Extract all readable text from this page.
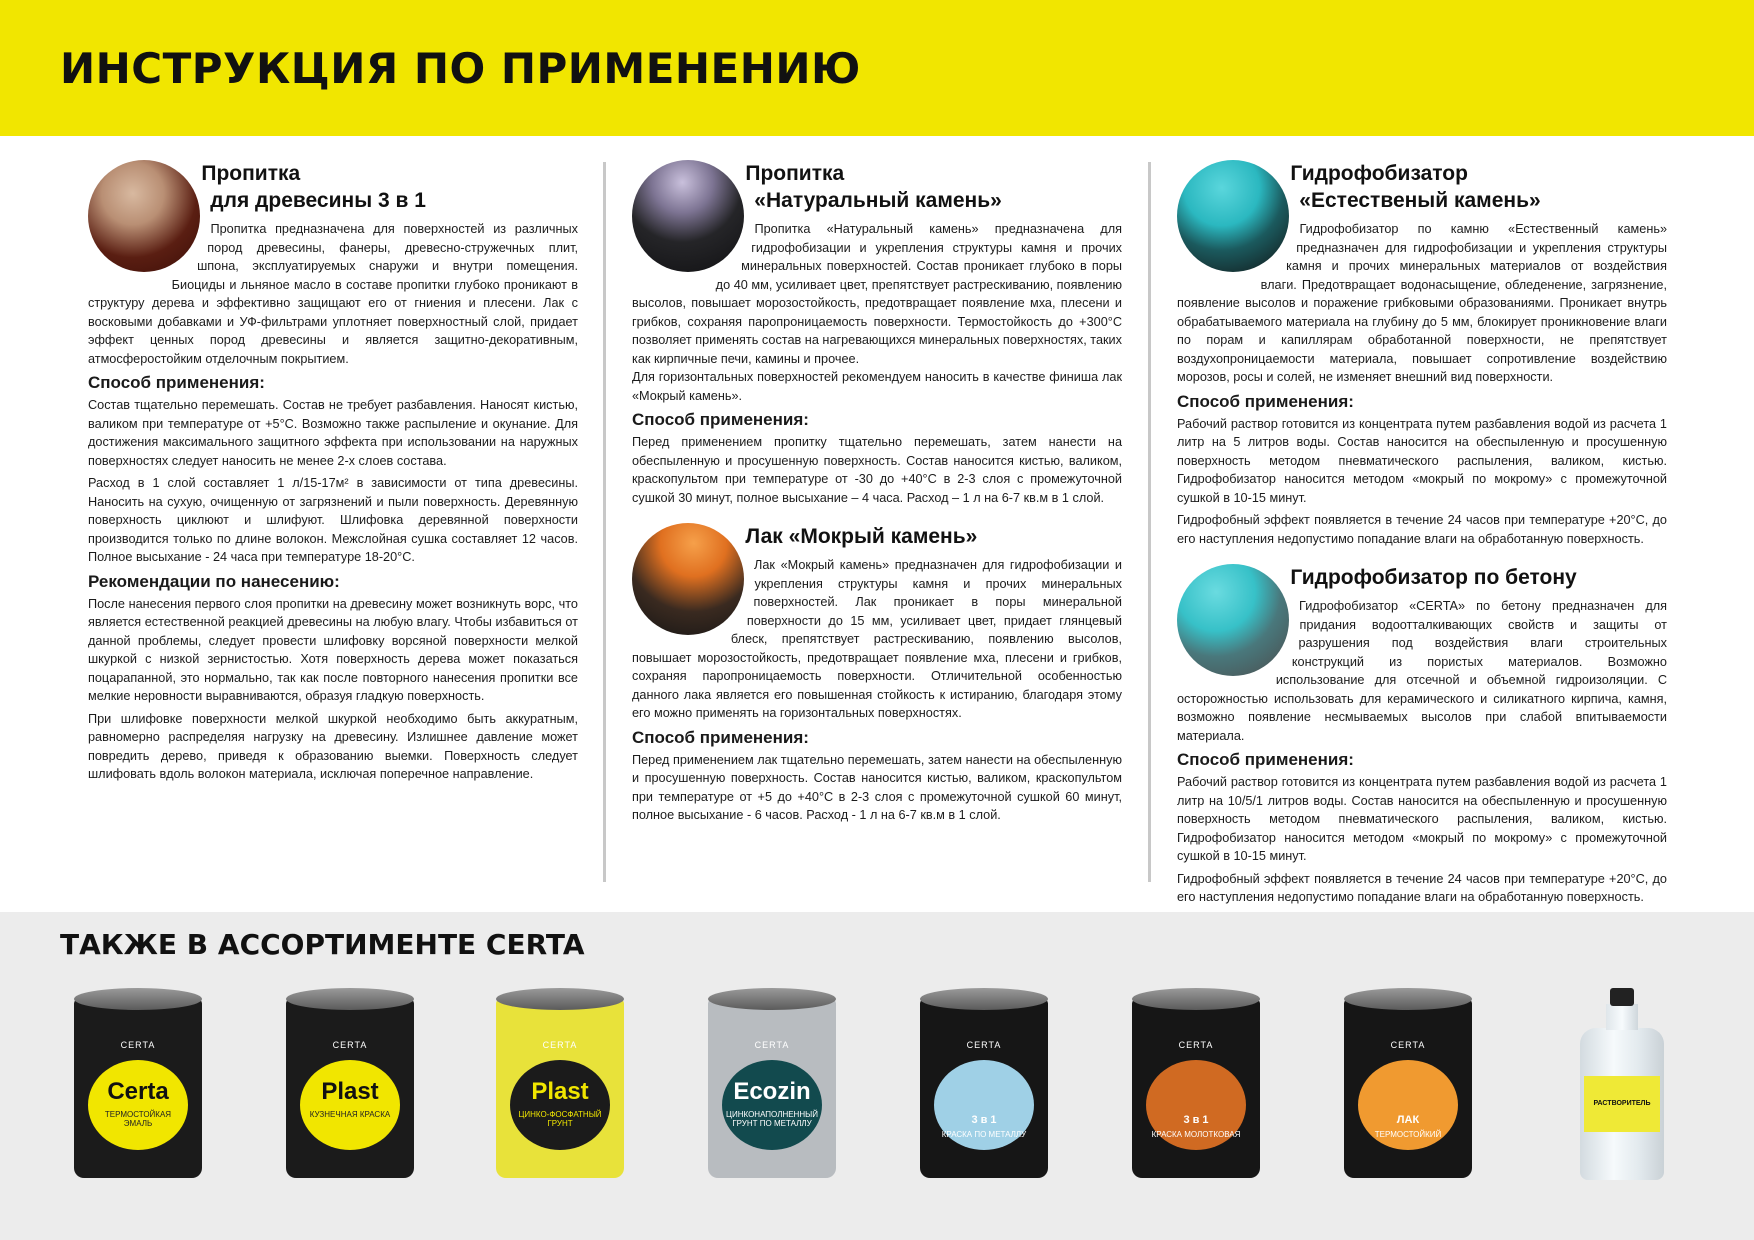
ИНСТРУКЦИЯ ПО ПРИМЕНЕНИЮ
Пропитка
для древесины 3 в 1
Пропитка предназначена для поверхностей из различных пород древесины, фанеры, древесно-стружечных плит, шпона, эксплуатируемых снаружи и внутри помещения. Биоциды и льняное масло в составе пропитки глубоко проникают в структуру дерева и эффективно защищают его от гниения и плесени. Лак с восковыми добавками и УФ-фильтрами уплотняет поверхностный слой, придает эффект ценных пород древесины и является защитно-декоративным, атмосферостойким отделочным покрытием.
Способ применения:
Состав тщательно перемешать. Состав не требует разбавления. Наносят кистью, валиком при температуре от +5°С. Возможно также распыление и окунание. Для достижения максимального защитного эффекта при использовании на наружных поверхностях следует наносить не менее 2-х слоев состава.
Расход в 1 слой составляет 1 л/15-17м² в зависимости от типа древесины. Наносить на сухую, очищенную от загрязнений и пыли поверхность. Деревянную поверхность циклюют и шлифуют. Шлифовка деревянной поверхности производится только по длине волокон. Межслойная сушка составляет 12 часов. Полное высыхание - 24 часа при температуре 18-20°С.
Рекомендации по нанесению:
После нанесения первого слоя пропитки на древесину может возникнуть ворс, что является естественной реакцией древесины на любую влагу. Чтобы избавиться от данной проблемы, следует провести шлифовку ворсяной поверхности мелкой шкуркой с низкой зернистостью. Хотя поверхность дерева может показаться поцарапанной, это нормально, так как после повторного нанесения пропитки все мелкие неровности выравниваются, образуя гладкую поверхность.
При шлифовке поверхности мелкой шкуркой необходимо быть аккуратным, равномерно распределяя нагрузку на древесину. Излишнее давление может повредить дерево, приведя к образованию выемки. Поверхность следует шлифовать вдоль волокон материала, исключая поперечное направление.
Пропитка
«Натуральный камень»
Пропитка «Натуральный камень» предназначена для гидрофобизации и укрепления структуры камня и прочих минеральных поверхностей. Состав проникает глубоко в поры до 40 мм, усиливает цвет, препятствует растрескиванию, появлению высолов, повышает морозостойкость, предотвращает появление мха, плесени и грибков, сохраняя паропроницаемость поверхности. Термостойкость до +300°С позволяет применять состав на нагревающихся минеральных поверхностях, таких как кирпичные печи, камины и прочее.
Для горизонтальных поверхностей рекомендуем наносить в качестве финиша лак «Мокрый камень».
Способ применения:
Перед применением пропитку тщательно перемешать, затем нанести на обеспыленную и просушенную поверхность. Состав наносится кистью, валиком, краскопультом при температуре от -30 до +40°С в 2-3 слоя с промежуточной сушкой 30 минут, полное высыхание – 4 часа. Расход – 1 л на 6-7 кв.м в 1 слой.
Лак «Мокрый камень»
Лак «Мокрый камень» предназначен для гидрофобизации и укрепления структуры камня и прочих минеральных поверхностей. Лак проникает в поры минеральной поверхности до 15 мм, усиливает цвет, придает глянцевый блеск, препятствует растрескиванию, появлению высолов, повышает морозостойкость, предотвращает появление мха, плесени и грибков, сохраняя паропроницаемость поверхности. Отличительной особенностью данного лака является его повышенная стойкость к истиранию, благодаря этому его можно применять на горизонтальных поверхностях.
Способ применения:
Перед применением лак тщательно перемешать, затем нанести на обеспыленную и просушенную поверхность. Состав наносится кистью, валиком, краскопультом при температуре от +5 до +40°С в 2-3 слоя с промежуточной сушкой 60 минут, полное высыхание - 6 часов. Расход - 1 л на 6-7 кв.м в 1 слой.
Гидрофобизатор
«Естественый камень»
Гидрофобизатор по камню «Естественный камень» предназначен для гидрофобизации и укрепления структуры камня и прочих минеральных материалов от воздействия влаги. Предотвращает водонасыщение, обледенение, загрязнение, появление высолов и поражение грибковыми образованиями. Проникает внутрь обрабатываемого материала на глубину до 5 мм, блокирует проникновение влаги по порам и капиллярам обработанной поверхности, не препятствует воздухопроницаемости материала, повышает сопротивление воздействию морозов, росы и солей, не изменяет внешний вид поверхности.
Способ применения:
Рабочий раствор готовится из концентрата путем разбавления водой из расчета 1 литр на 5 литров воды. Состав наносится на обеспыленную и просушенную поверхность методом пневматического распыления, валиком, кистью. Гидрофобизатор наносится методом «мокрый по мокрому» с промежуточной сушкой в 10-15 минут.
Гидрофобный эффект появляется в течение 24 часов при температуре +20°С, до его наступления недопустимо попадание влаги на обработанную поверхность.
Гидрофобизатор по бетону
Гидрофобизатор «CERTA» по бетону предназначен для придания водоотталкивающих свойств и защиты от разрушения под воздействия влаги строительных конструкций из пористых материалов. Возможно использование для отсечной и объемной гидроизоляции. С осторожностью использовать для керамического и силикатного кирпича, камня, возможно появление несмываемых высолов при слабой впитываемости материала.
Способ применения:
Рабочий раствор готовится из концентрата путем разбавления водой из расчета 1 литр на 10/5/1 литров воды. Состав наносится на обеспыленную и просушенную поверхность методом пневматического распыления, валиком, кистью. Гидрофобизатор наносится методом «мокрый по мокрому» с промежуточной сушкой в 10-15 минут.
Гидрофобный эффект появляется в течение 24 часов при температуре +20°С, до его наступления недопустимо попадание влаги на обработанную поверхность.
ТАКЖЕ В АССОРТИМЕНТЕ CERTA
CERTA
Certa
ТЕРМОСТОЙКАЯ ЭМАЛЬ
CERTA
Plast
КУЗНЕЧНАЯ КРАСКА
CERTA
Plast
ЦИНКО-ФОСФАТНЫЙ ГРУНТ
CERTA
Ecozin
ЦИНКОНАПОЛНЕННЫЙ ГРУНТ ПО МЕТАЛЛУ
CERTA
3 в 1
КРАСКА ПО МЕТАЛЛУ
CERTA
3 в 1
КРАСКА МОЛОТКОВАЯ
CERTA
ЛАК
ТЕРМОСТОЙКИЙ
РАСТВОРИТЕЛЬ
